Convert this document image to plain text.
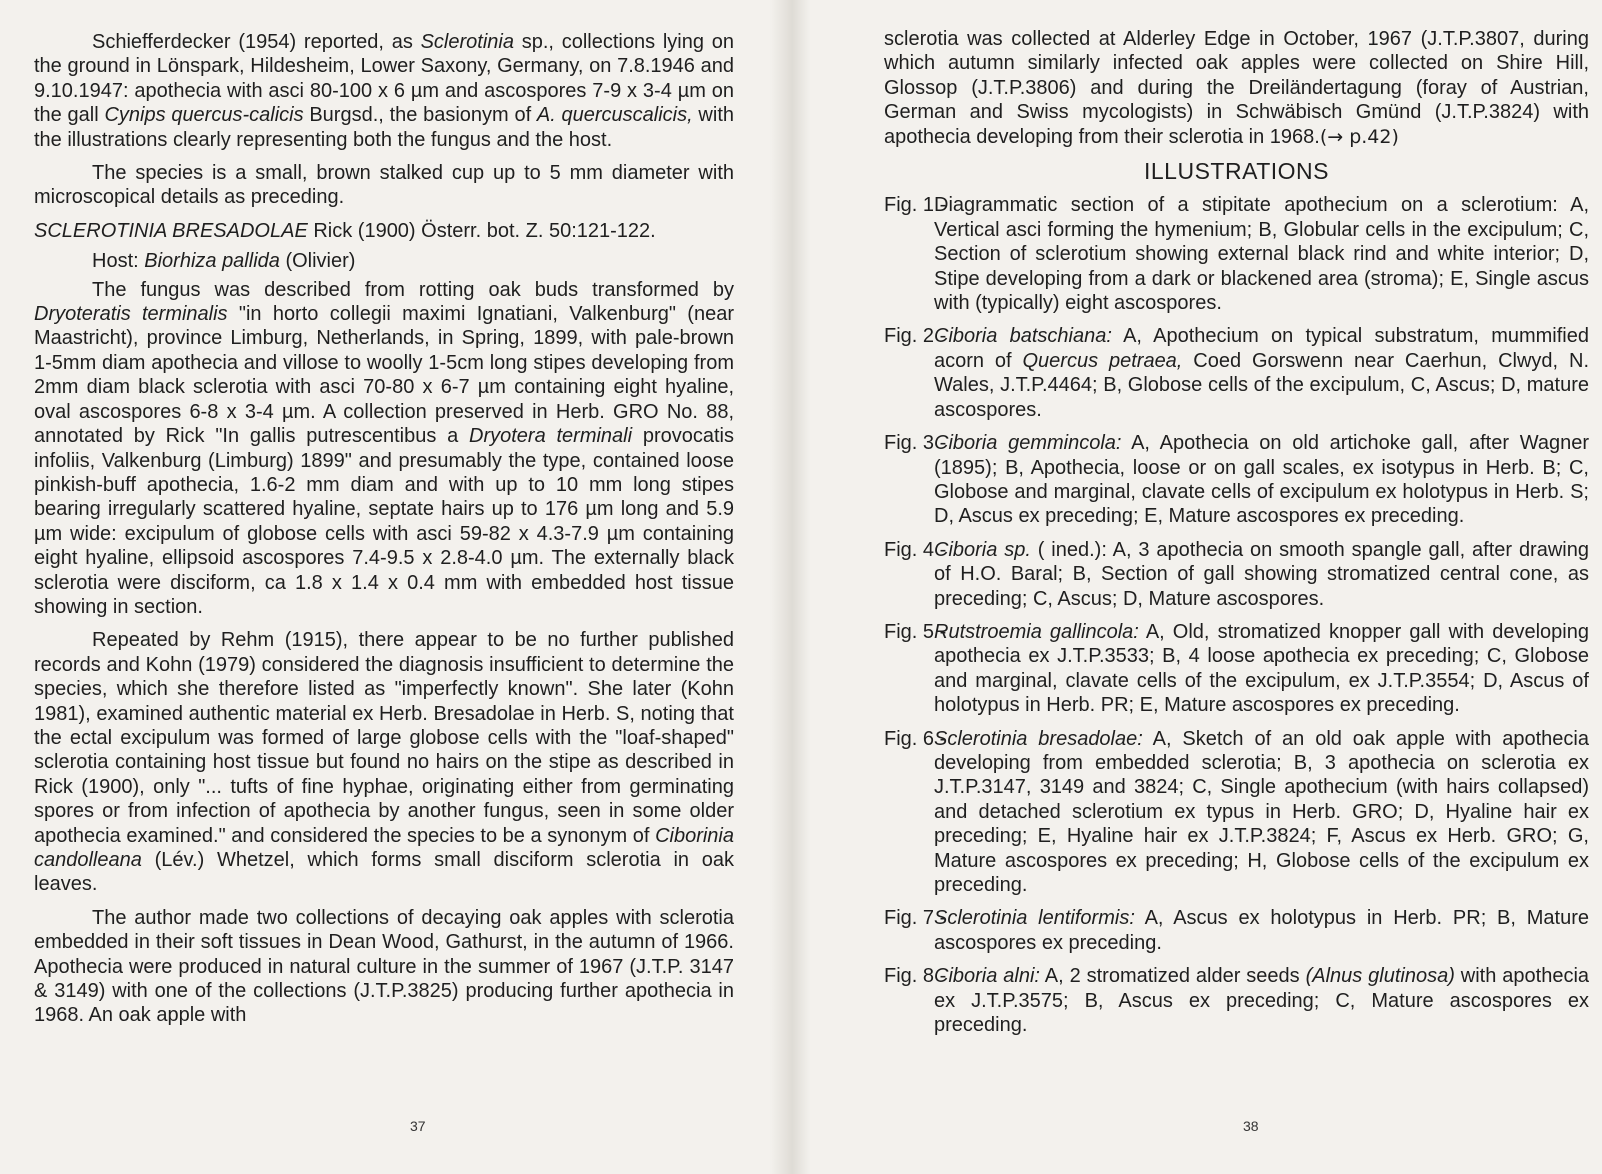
Schiefferdecker (1954) reported, as Sclerotinia sp., collections lying on the ground in Lönspark, Hildesheim, Lower Saxony, Germany, on 7.8.1946 and 9.10.1947: apothecia with asci 80-100 x 6 µm and ascospores 7-9 x 3-4 µm on the gall Cynips quercus-calicis Burgsd., the basionym of A. quercuscalicis, with the illustrations clearly representing both the fungus and the host.

The species is a small, brown stalked cup up to 5 mm diameter with microscopical details as preceding.

SCLEROTINIA BRESADOLAE Rick (1900) Österr. bot. Z. 50:121-122.

Host: Biorhiza pallida (Olivier)

The fungus was described from rotting oak buds transformed by Dryoteratis terminalis "in horto collegii maximi Ignatiani, Valkenburg" (near Maastricht), province Limburg, Netherlands, in Spring, 1899, with pale-brown 1-5mm diam apothecia and villose to woolly 1-5cm long stipes developing from 2mm diam black sclerotia with asci 70-80 x 6-7 µm containing eight hyaline, oval ascospores 6-8 x 3-4 µm. A collection preserved in Herb. GRO No. 88, annotated by Rick "In gallis putrescentibus a Dryotera terminali provocatis infoliis, Valkenburg (Limburg) 1899" and presumably the type, contained loose pinkish-buff apothecia, 1.6-2 mm diam and with up to 10 mm long stipes bearing irregularly scattered hyaline, septate hairs up to 176 µm long and 5.9 µm wide: excipulum of globose cells with asci 59-82 x 4.3-7.9 µm containing eight hyaline, ellipsoid ascospores 7.4-9.5 x 2.8-4.0 µm. The externally black sclerotia were disciform, ca 1.8 x 1.4 x 0.4 mm with embedded host tissue showing in section.

Repeated by Rehm (1915), there appear to be no further published records and Kohn (1979) considered the diagnosis insufficient to determine the species, which she therefore listed as "imperfectly known". She later (Kohn 1981), examined authentic material ex Herb. Bresadolae in Herb. S, noting that the ectal excipulum was formed of large globose cells with the "loaf-shaped" sclerotia containing host tissue but found no hairs on the stipe as described in Rick (1900), only "... tufts of fine hyphae, originating either from germinating spores or from infection of apothecia by another fungus, seen in some older apothecia examined." and considered the species to be a synonym of Ciborinia candolleana (Lév.) Whetzel, which forms small disciform sclerotia in oak leaves.

The author made two collections of decaying oak apples with sclerotia embedded in their soft tissues in Dean Wood, Gathurst, in the autumn of 1966. Apothecia were produced in natural culture in the summer of 1967 (J.T.P. 3147 & 3149) with one of the collections (J.T.P.3825) producing further apothecia in 1968. An oak apple with

37

sclerotia was collected at Alderley Edge in October, 1967 (J.T.P.3807, during which autumn similarly infected oak apples were collected on Shire Hill, Glossop (J.T.P.3806) and during the Dreiländertagung (foray of Austrian, German and Swiss mycologists) in Schwäbisch Gmünd (J.T.P.3824) with apothecia developing from their sclerotia in 1968.(→ p.42)

ILLUSTRATIONS
Fig. 1 -
Diagrammatic section of a stipitate apothecium on a sclerotium: A, Vertical asci forming the hymenium; B, Globular cells in the excipulum; C, Section of sclerotium showing external black rind and white interior; D, Stipe developing from a dark or blackened area (stroma); E, Single ascus with (typically) eight ascospores.
Fig. 2 -
Ciboria batschiana: A, Apothecium on typical substratum, mummified acorn of Quercus petraea, Coed Gorswenn near Caerhun, Clwyd, N. Wales, J.T.P.4464; B, Globose cells of the excipulum, C, Ascus; D, mature ascospores.
Fig. 3 -
Ciboria gemmincola: A, Apothecia on old artichoke gall, after Wagner (1895); B, Apothecia, loose or on gall scales, ex isotypus in Herb. B; C, Globose and marginal, clavate cells of excipulum ex holotypus in Herb. S; D, Ascus ex preceding; E, Mature ascospores ex preceding.
Fig. 4 -
Ciboria sp. ( ined.): A, 3 apothecia on smooth spangle gall, after drawing of H.O. Baral; B, Section of gall showing stromatized central cone, as preceding; C, Ascus; D, Mature ascospores.
Fig. 5 -
Rutstroemia gallincola: A, Old, stromatized knopper gall with developing apothecia ex J.T.P.3533; B, 4 loose apothecia ex preceding; C, Globose and marginal, clavate cells of the excipulum, ex J.T.P.3554; D, Ascus of holotypus in Herb. PR; E, Mature ascospores ex preceding.
Fig. 6 -
Sclerotinia bresadolae: A, Sketch of an old oak apple with apothecia developing from embedded sclerotia; B, 3 apothecia on sclerotia ex J.T.P.3147, 3149 and 3824; C, Single apothecium (with hairs collapsed) and detached sclerotium ex typus in Herb. GRO; D, Hyaline hair ex preceding; E, Hyaline hair ex J.T.P.3824; F, Ascus ex Herb. GRO; G, Mature ascospores ex preceding; H, Globose cells of the excipulum ex preceding.
Fig. 7 -
Sclerotinia lentiformis: A, Ascus ex holotypus in Herb. PR; B, Mature ascospores ex preceding.
Fig. 8 -
Ciboria alni: A, 2 stromatized alder seeds (Alnus glutinosa) with apothecia ex J.T.P.3575; B, Ascus ex preceding; C, Mature ascospores ex preceding.
38
